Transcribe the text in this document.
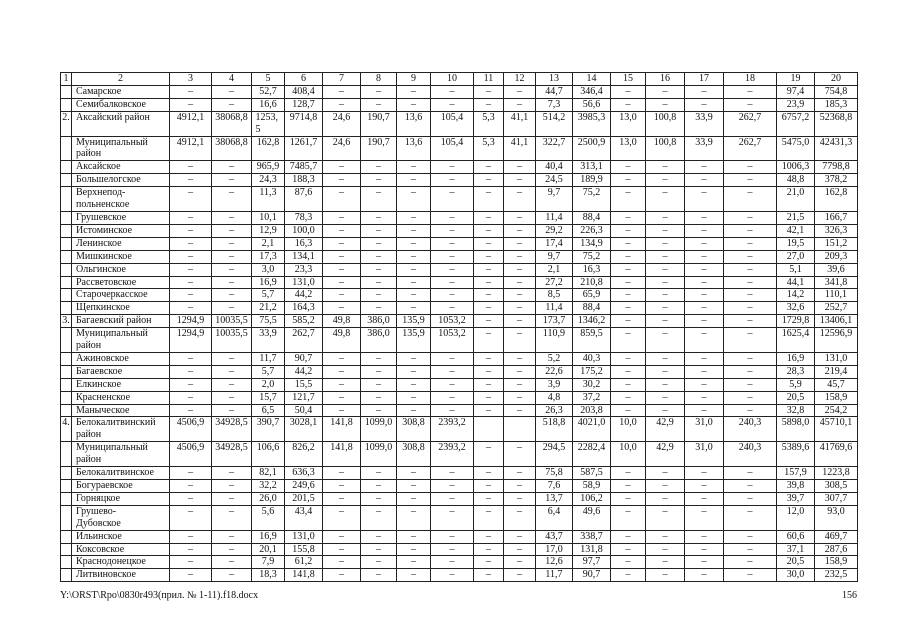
1	2	3	4	5	6	7	8	9	10	11	12	13	14	15	16	17	18	19	20
	Самарское	–	–	52,7	408,4	–	–	–	–	–	–	44,7	346,4	–	–	–	–	97,4	754,8
	Семибалковское	–	–	16,6	128,7	–	–	–	–	–	–	7,3	56,6	–	–	–	–	23,9	185,3
2.	Аксайский район	4912,1	38068,8	1253,5	9714,8	24,6	190,7	13,6	105,4	5,3	41,1	514,2	3985,3	13,0	100,8	33,9	262,7	6757,2	52368,8
	Муниципальный район	4912,1	38068,8	162,8	1261,7	24,6	190,7	13,6	105,4	5,3	41,1	322,7	2500,9	13,0	100,8	33,9	262,7	5475,0	42431,3
	Аксайское	–	–	965,9	7485,7	–	–	–	–	–	–	40,4	313,1	–	–	–	–	1006,3	7798,8
	Большелогское	–	–	24,3	188,3	–	–	–	–	–	–	24,5	189,9	–	–	–	–	48,8	378,2
	Верхнепод-польненское	–	–	11,3	87,6	–	–	–	–	–	–	9,7	75,2	–	–	–	–	21,0	162,8
	Грушевское	–	–	10,1	78,3	–	–	–	–	–	–	11,4	88,4	–	–	–	–	21,5	166,7
	Истоминское	–	–	12,9	100,0	–	–	–	–	–	–	29,2	226,3	–	–	–	–	42,1	326,3
	Ленинское	–	–	2,1	16,3	–	–	–	–	–	–	17,4	134,9	–	–	–	–	19,5	151,2
	Мишкинское	–	–	17,3	134,1	–	–	–	–	–	–	9,7	75,2	–	–	–	–	27,0	209,3
	Ольгинское	–	–	3,0	23,3	–	–	–	–	–	–	2,1	16,3	–	–	–	–	5,1	39,6
	Рассветовское	–	–	16,9	131,0	–	–	–	–	–	–	27,2	210,8	–	–	–	–	44,1	341,8
	Старочеркасское	–	–	5,7	44,2	–	–	–	–	–	–	8,5	65,9	–	–	–	–	14,2	110,1
	Щепкинское	–	–	21,2	164,3	–	–	–	–	–	–	11,4	88,4	–	–	–	–	32,6	252,7
3.	Багаевский район	1294,9	10035,5	75,5	585,2	49,8	386,0	135,9	1053,2	–	–	173,7	1346,2	–	–	–	–	1729,8	13406,1
	Муниципальный район	1294,9	10035,5	33,9	262,7	49,8	386,0	135,9	1053,2	–	–	110,9	859,5	–	–	–	–	1625,4	12596,9
	Ажиновское	–	–	11,7	90,7	–	–	–	–	–	–	5,2	40,3	–	–	–	–	16,9	131,0
	Багаевское	–	–	5,7	44,2	–	–	–	–	–	–	22,6	175,2	–	–	–	–	28,3	219,4
	Елкинское	–	–	2,0	15,5	–	–	–	–	–	–	3,9	30,2	–	–	–	–	5,9	45,7
	Красненское	–	–	15,7	121,7	–	–	–	–	–	–	4,8	37,2	–	–	–	–	20,5	158,9
	Маныческое	–	–	6,5	50,4	–	–	–	–	–	–	26,3	203,8	–	–	–	–	32,8	254,2
4.	Белокалитвинский район	4506,9	34928,5	390,7	3028,1	141,8	1099,0	308,8	2393,2			518,8	4021,0	10,0	42,9	31,0	240,3	5898,0	45710,1
	Муниципальный район	4506,9	34928,5	106,6	826,2	141,8	1099,0	308,8	2393,2	–	–	294,5	2282,4	10,0	42,9	31,0	240,3	5389,6	41769,6
	Белокалитвинское	–	–	82,1	636,3	–	–	–	–	–	–	75,8	587,5	–	–	–	–	157,9	1223,8
	Богураевское	–	–	32,2	249,6	–	–	–	–	–	–	7,6	58,9	–	–	–	–	39,8	308,5
	Горняцкое	–	–	26,0	201,5	–	–	–	–	–	–	13,7	106,2	–	–	–	–	39,7	307,7
	Грушево-Дубовское	–	–	5,6	43,4	–	–	–	–	–	–	6,4	49,6	–	–	–	–	12,0	93,0
	Ильинское	–	–	16,9	131,0	–	–	–	–	–	–	43,7	338,7	–	–	–	–	60,6	469,7
	Коксовское	–	–	20,1	155,8	–	–	–	–	–	–	17,0	131,8	–	–	–	–	37,1	287,6
	Краснодонецкое	–	–	7,9	61,2	–	–	–	–	–	–	12,6	97,7	–	–	–	–	20,5	158,9
	Литвиновское	–	–	18,3	141,8	–	–	–	–	–	–	11,7	90,7	–	–	–	–	30,0	232,5
Y:\ORST\Rpo\0830r493(прил. № 1-11).f18.docx	156
